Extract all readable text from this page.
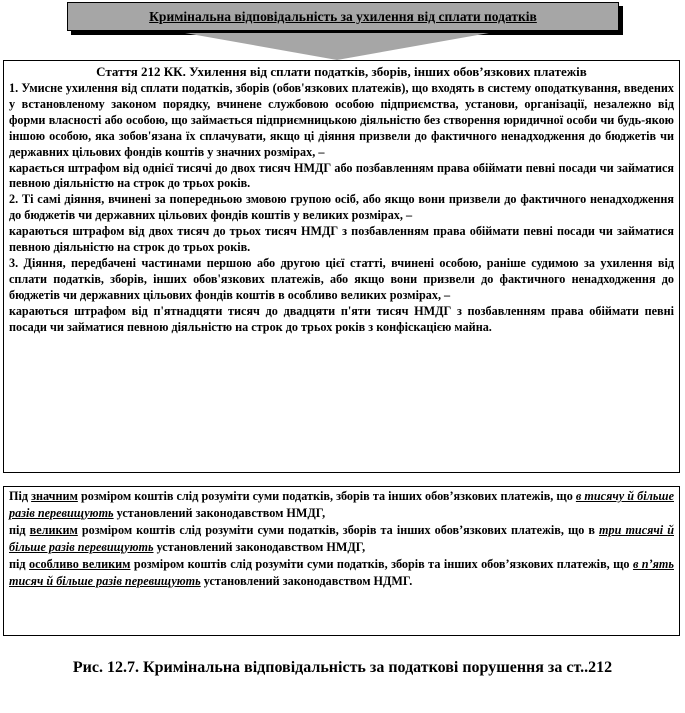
Кримінальна відповідальність за ухилення від сплати податків
Стаття 212 КК. Ухилення від сплати податків, зборів, інших обов’язкових платежів

1. Умисне ухилення від сплати податків, зборів (обов'язкових платежів), що входять в систему оподаткування, введених у встановленому законом порядку, вчинене службовою особою підприємства, установи, організації, незалежно від форми власності або особою, що займається підприємницькою діяльністю без створення юридичної особи чи будь-якою іншою особою, яка зобов'язана їх сплачувати, якщо ці діяння призвели до фактичного ненадходження до бюджетів чи державних цільових фондів коштів у значних розмірах, –

карається штрафом від однієї тисячі до двох тисяч НМДГ або позбавленням права обіймати певні посади чи займатися певною діяльністю на строк до трьох років.

2. Ті самі діяння, вчинені за попередньою змовою групою осіб, або якщо вони призвели до фактичного ненадходження до бюджетів чи державних цільових фондів коштів у великих розмірах, –

караються штрафом від двох тисяч до трьох тисяч НМДГ з позбавленням права обіймати певні посади чи займатися певною діяльністю на строк до трьох років.

3. Діяння, передбачені частинами першою або другою цієї статті, вчинені особою, раніше судимою за ухилення від сплати податків, зборів, інших обов'язкових платежів, або якщо вони призвели до фактичного ненадходження до бюджетів чи державних цільових фондів коштів в особливо великих розмірах, –

караються штрафом від п'ятнадцяти тисяч до двадцяти п'яти тисяч НМДГ з позбавленням права обіймати певні посади чи займатися певною діяльністю на строк до трьох років з конфіскацією майна.

Під значним розміром коштів слід розуміти суми податків, зборів та інших обов’язкових платежів, що в тисячу й більше разів перевищують установлений законодавством НМДГ,

під великим розміром коштів слід розуміти суми податків, зборів та інших обов’язкових платежів, що в три тисячі й більше разів перевищують установлений законодавством НМДГ,

під особливо великим розміром коштів слід розуміти суми податків, зборів та інших обов’язкових платежів, що в п’ять тисяч й більше разів перевищують установлений законодавством НДМГ.

Рис. 12.7. Кримінальна відповідальність за податкові порушення за ст..212
